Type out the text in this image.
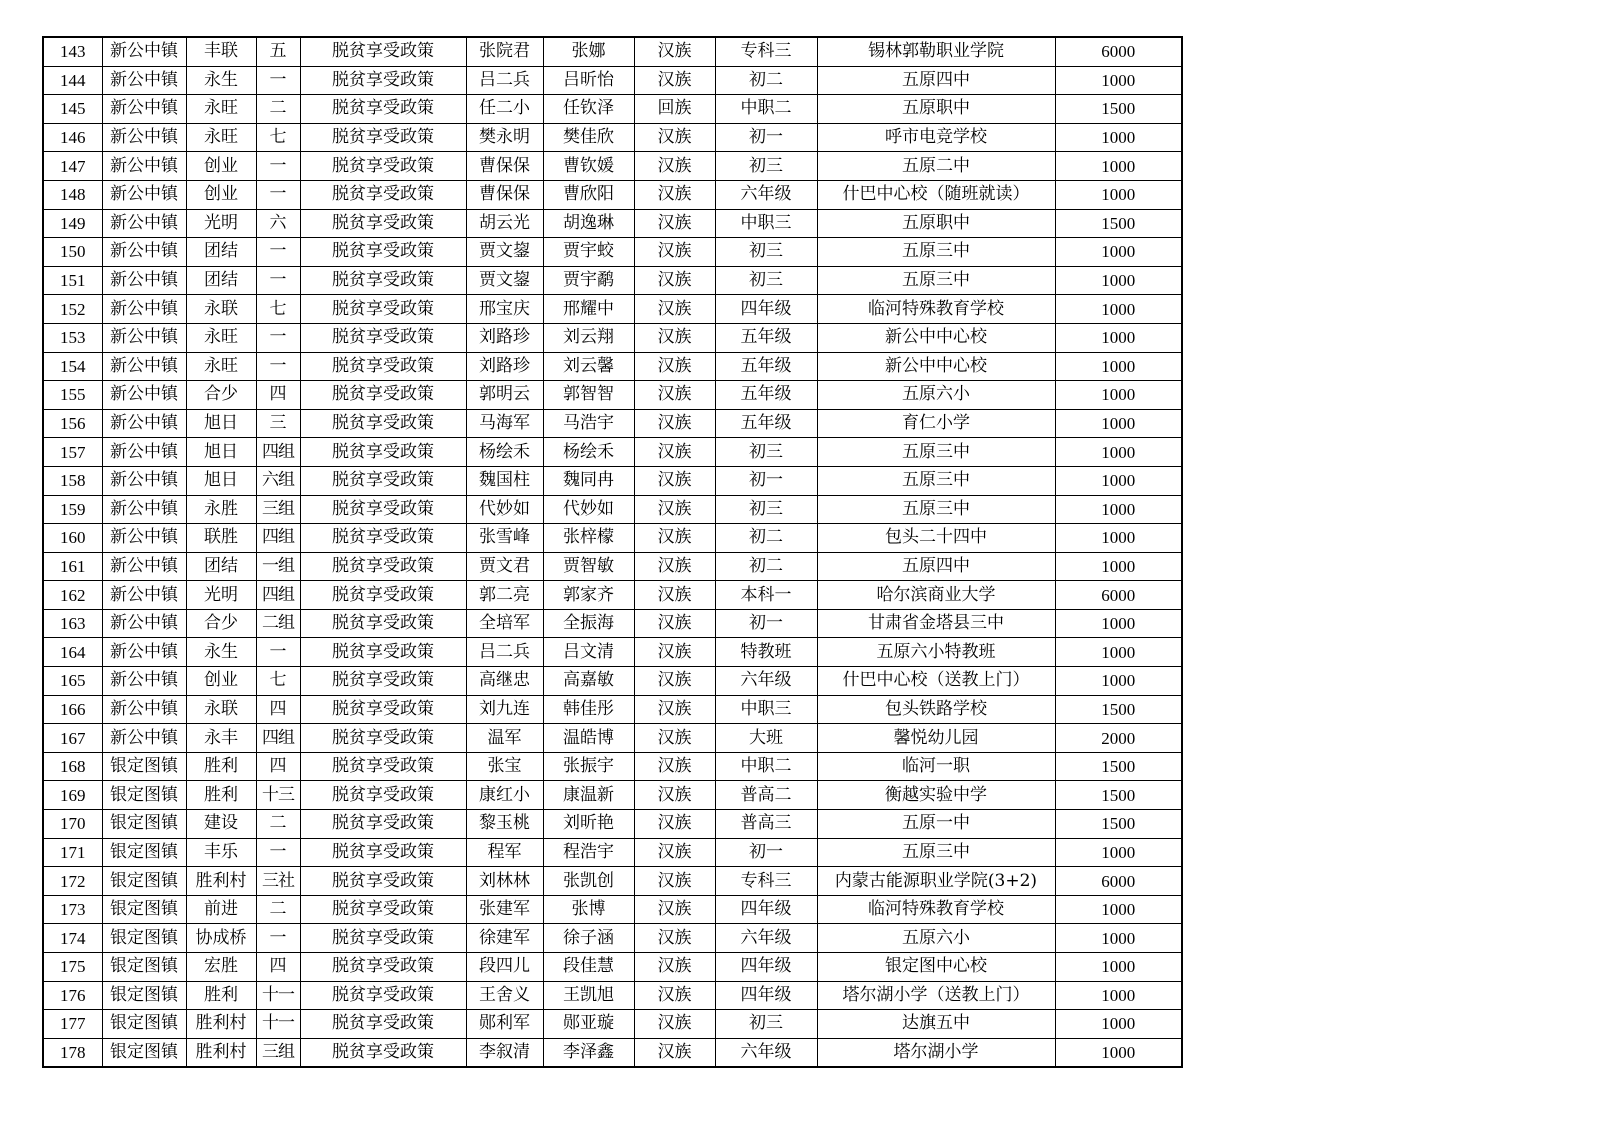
143	新公中镇	丰联	五	脱贫享受政策	张院君	张娜	汉族	专科三	锡林郭勒职业学院	6000
144	新公中镇	永生	一	脱贫享受政策	吕二兵	吕昕怡	汉族	初二	五原四中	1000
145	新公中镇	永旺	二	脱贫享受政策	任二小	任钦泽	回族	中职二	五原职中	1500
146	新公中镇	永旺	七	脱贫享受政策	樊永明	樊佳欣	汉族	初一	呼市电竞学校	1000
147	新公中镇	创业	一	脱贫享受政策	曹保保	曹钦媛	汉族	初三	五原二中	1000
148	新公中镇	创业	一	脱贫享受政策	曹保保	曹欣阳	汉族	六年级	什巴中心校（随班就读）	1000
149	新公中镇	光明	六	脱贫享受政策	胡云光	胡逸琳	汉族	中职三	五原职中	1500
150	新公中镇	团结	一	脱贫享受政策	贾文鋆	贾宇蛟	汉族	初三	五原三中	1000
151	新公中镇	团结	一	脱贫享受政策	贾文鋆	贾宇鹬	汉族	初三	五原三中	1000
152	新公中镇	永联	七	脱贫享受政策	邢宝庆	邢耀中	汉族	四年级	临河特殊教育学校	1000
153	新公中镇	永旺	一	脱贫享受政策	刘路珍	刘云翔	汉族	五年级	新公中中心校	1000
154	新公中镇	永旺	一	脱贫享受政策	刘路珍	刘云馨	汉族	五年级	新公中中心校	1000
155	新公中镇	合少	四	脱贫享受政策	郭明云	郭智智	汉族	五年级	五原六小	1000
156	新公中镇	旭日	三	脱贫享受政策	马海军	马浩宇	汉族	五年级	育仁小学	1000
157	新公中镇	旭日	四组	脱贫享受政策	杨绘禾	杨绘禾	汉族	初三	五原三中	1000
158	新公中镇	旭日	六组	脱贫享受政策	魏国柱	魏同冉	汉族	初一	五原三中	1000
159	新公中镇	永胜	三组	脱贫享受政策	代妙如	代妙如	汉族	初三	五原三中	1000
160	新公中镇	联胜	四组	脱贫享受政策	张雪峰	张梓檬	汉族	初二	包头二十四中	1000
161	新公中镇	团结	一组	脱贫享受政策	贾文君	贾智敏	汉族	初二	五原四中	1000
162	新公中镇	光明	四组	脱贫享受政策	郭二亮	郭家齐	汉族	本科一	哈尔滨商业大学	6000
163	新公中镇	合少	二组	脱贫享受政策	全培军	全振海	汉族	初一	甘肃省金塔县三中	1000
164	新公中镇	永生	一	脱贫享受政策	吕二兵	吕文清	汉族	特教班	五原六小特教班	1000
165	新公中镇	创业	七	脱贫享受政策	高继忠	高嘉敏	汉族	六年级	什巴中心校（送教上门）	1000
166	新公中镇	永联	四	脱贫享受政策	刘九连	韩佳彤	汉族	中职三	包头铁路学校	1500
167	新公中镇	永丰	四组	脱贫享受政策	温军	温皓博	汉族	大班	馨悦幼儿园	2000
168	银定图镇	胜利	四	脱贫享受政策	张宝	张振宇	汉族	中职二	临河一职	1500
169	银定图镇	胜利	十三	脱贫享受政策	康红小	康温新	汉族	普高二	衡越实验中学	1500
170	银定图镇	建设	二	脱贫享受政策	黎玉桃	刘昕艳	汉族	普高三	五原一中	1500
171	银定图镇	丰乐	一	脱贫享受政策	程军	程浩宇	汉族	初一	五原三中	1000
172	银定图镇	胜利村	三社	脱贫享受政策	刘林林	张凯创	汉族	专科三	内蒙古能源职业学院(3+2)	6000
173	银定图镇	前进	二	脱贫享受政策	张建军	张博	汉族	四年级	临河特殊教育学校	1000
174	银定图镇	协成桥	一	脱贫享受政策	徐建军	徐子涵	汉族	六年级	五原六小	1000
175	银定图镇	宏胜	四	脱贫享受政策	段四儿	段佳慧	汉族	四年级	银定图中心校	1000
176	银定图镇	胜利	十一	脱贫享受政策	王舍义	王凯旭	汉族	四年级	塔尔湖小学（送教上门）	1000
177	银定图镇	胜利村	十一	脱贫享受政策	郧利军	郧亚璇	汉族	初三	达旗五中	1000
178	银定图镇	胜利村	三组	脱贫享受政策	李叙清	李泽鑫	汉族	六年级	塔尔湖小学	1000
